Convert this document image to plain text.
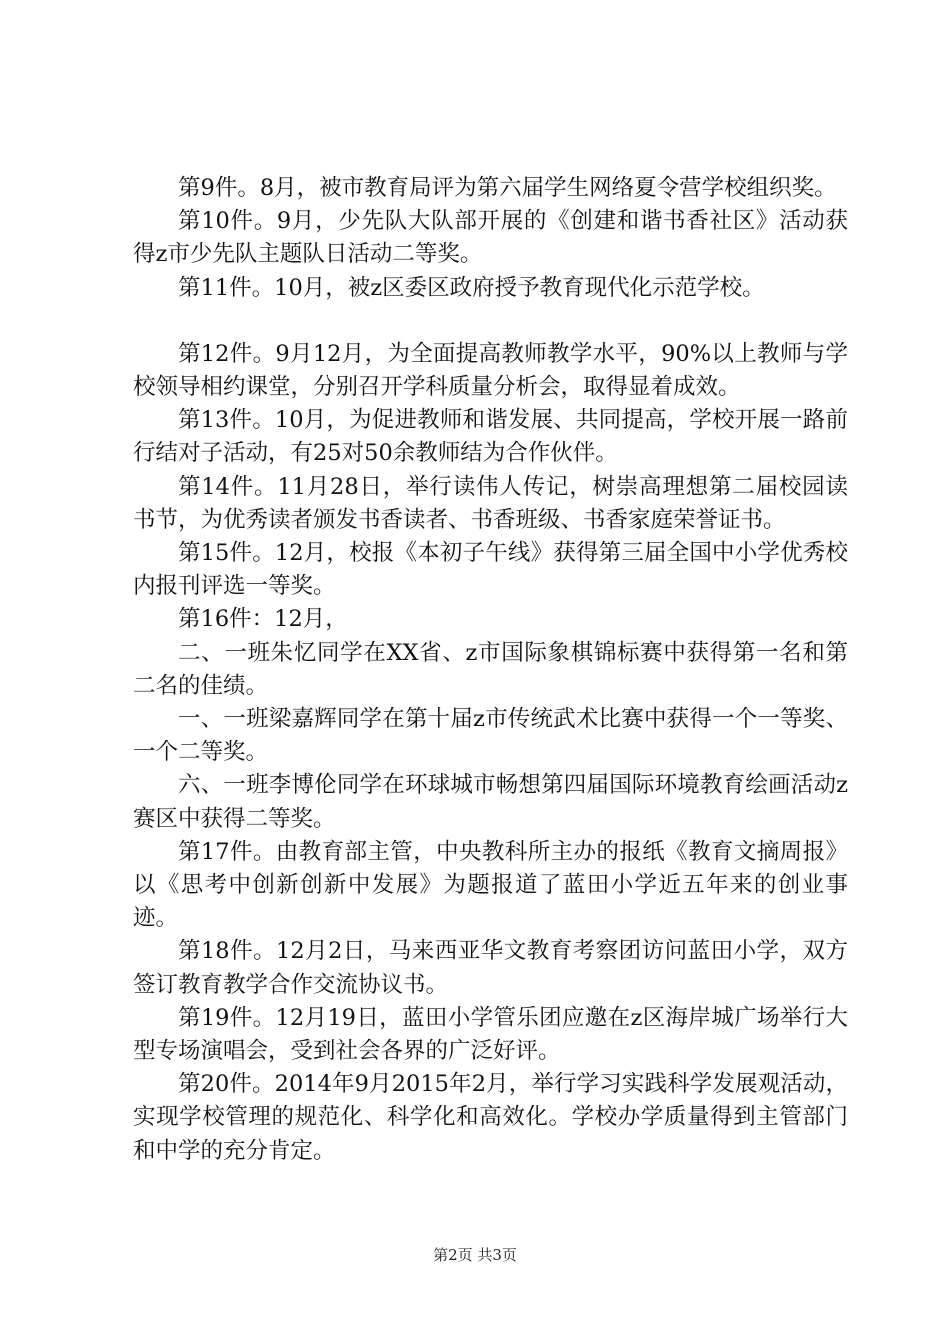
第9件。8月，被市教育局评为第六届学生网络夏令营学校组织奖。

第10件。9月，少先队大队部开展的《创建和谐书香社区》活动获得z市少先队主题队日活动二等奖。

第11件。10月，被z区委区政府授予教育现代化示范学校。

第12件。9月12月，为全面提高教师教学水平，90%以上教师与学校领导相约课堂，分别召开学科质量分析会，取得显着成效。

第13件。10月，为促进教师和谐发展、共同提高，学校开展一路前行结对子活动，有25对50余教师结为合作伙伴。

第14件。11月28日，举行读伟人传记，树崇高理想第二届校园读书节，为优秀读者颁发书香读者、书香班级、书香家庭荣誉证书。

第15件。12月，校报《本初子午线》获得第三届全国中小学优秀校内报刊评选一等奖。

第16件：12月，

二、一班朱忆同学在XX省、z市国际象棋锦标赛中获得第一名和第二名的佳绩。

一、一班梁嘉辉同学在第十届z市传统武术比赛中获得一个一等奖、一个二等奖。

六、一班李博伦同学在环球城市畅想第四届国际环境教育绘画活动z赛区中获得二等奖。

第17件。由教育部主管，中央教科所主办的报纸《教育文摘周报》以《思考中创新创新中发展》为题报道了蓝田小学近五年来的创业事迹。

第18件。12月2日，马来西亚华文教育考察团访问蓝田小学，双方签订教育教学合作交流协议书。

第19件。12月19日，蓝田小学管乐团应邀在z区海岸城广场举行大型专场演唱会，受到社会各界的广泛好评。

第20件。2014年9月2015年2月，举行学习实践科学发展观活动，实现学校管理的规范化、科学化和高效化。学校办学质量得到主管部门和中学的充分肯定。

第2页 共3页
